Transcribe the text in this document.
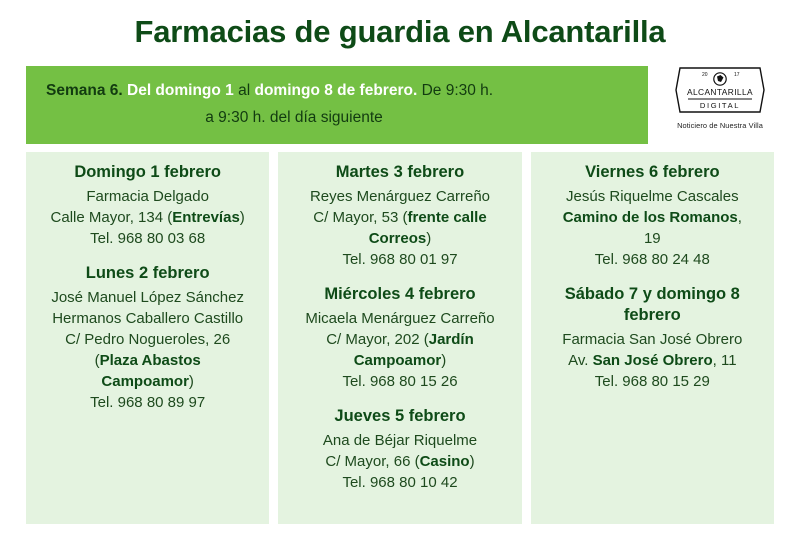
Farmacias de guardia en Alcantarilla
Semana 6. Del domingo 1 al domingo 8 de febrero. De 9:30 h.
a 9:30 h. del día siguiente
20	17
ALCANTARILLA
DIGITAL
Noticiero de Nuestra Villa
Domingo 1 febrero
Farmacia Delgado
Calle Mayor, 134 (Entrevías)
Tel. 968 80 03 68
Lunes 2 febrero
José Manuel López Sánchez
Hermanos Caballero Castillo
C/ Pedro Nogueroles, 26
(Plaza Abastos
Campoamor)
Tel. 968 80 89 97
Martes 3 febrero
Reyes Menárguez Carreño
C/ Mayor, 53 (frente calle
Correos)
Tel. 968 80 01 97
Miércoles 4 febrero
Micaela Menárguez Carreño
C/ Mayor, 202 (Jardín
Campoamor)
Tel. 968 80 15 26
Jueves 5 febrero
Ana de Béjar Riquelme
C/ Mayor, 66 (Casino)
Tel. 968 80 10 42
Viernes 6 febrero
Jesús Riquelme Cascales
Camino de los Romanos,
19
Tel. 968 80 24 48
Sábado 7 y domingo 8 febrero
Farmacia San José Obrero
Av. San José Obrero, 11
Tel. 968 80 15 29
